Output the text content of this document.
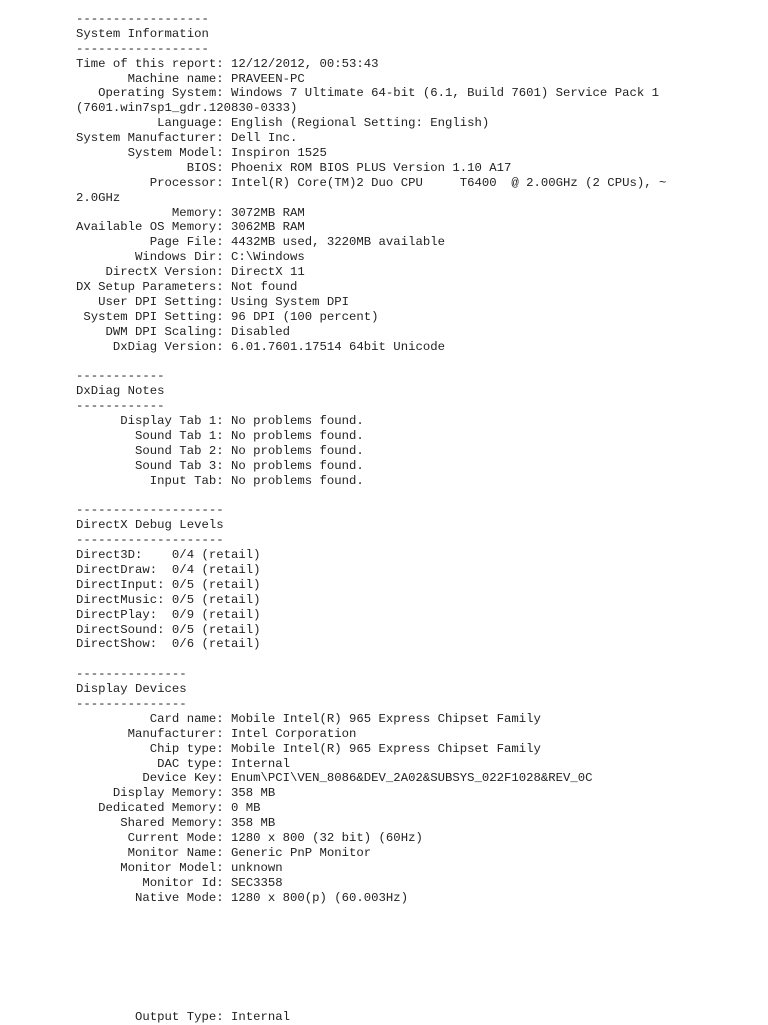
------------------
System Information
------------------
Time of this report: 12/12/2012, 00:53:43
Machine name: PRAVEEN-PC
Operating System: Windows 7 Ultimate 64-bit (6.1, Build 7601) Service Pack 1
(7601.win7sp1_gdr.120830-0333)
Language: English (Regional Setting: English)
System Manufacturer: Dell Inc.
System Model: Inspiron 1525
BIOS: Phoenix ROM BIOS PLUS Version 1.10 A17
Processor: Intel(R) Core(TM)2 Duo CPU     T6400  @ 2.00GHz (2 CPUs), ~
2.0GHz
Memory: 3072MB RAM
Available OS Memory: 3062MB RAM
Page File: 4432MB used, 3220MB available
Windows Dir: C:\Windows
DirectX Version: DirectX 11
DX Setup Parameters: Not found
User DPI Setting: Using System DPI
System DPI Setting: 96 DPI (100 percent)
DWM DPI Scaling: Disabled
DxDiag Version: 6.01.7601.17514 64bit Unicode
------------
DxDiag Notes
------------
Display Tab 1: No problems found.
Sound Tab 1: No problems found.
Sound Tab 2: No problems found.
Sound Tab 3: No problems found.
Input Tab: No problems found.
--------------------
DirectX Debug Levels
--------------------
Direct3D:    0/4 (retail)
DirectDraw:  0/4 (retail)
DirectInput: 0/5 (retail)
DirectMusic: 0/5 (retail)
DirectPlay:  0/9 (retail)
DirectSound: 0/5 (retail)
DirectShow:  0/6 (retail)
---------------
Display Devices
---------------
Card name: Mobile Intel(R) 965 Express Chipset Family
Manufacturer: Intel Corporation
Chip type: Mobile Intel(R) 965 Express Chipset Family
DAC type: Internal
Device Key: Enum\PCI\VEN_8086&DEV_2A02&SUBSYS_022F1028&REV_0C
Display Memory: 358 MB
Dedicated Memory: 0 MB
Shared Memory: 358 MB
Current Mode: 1280 x 800 (32 bit) (60Hz)
Monitor Name: Generic PnP Monitor
Monitor Model: unknown
Monitor Id: SEC3358
Native Mode: 1280 x 800(p) (60.003Hz)
Output Type: Internal
